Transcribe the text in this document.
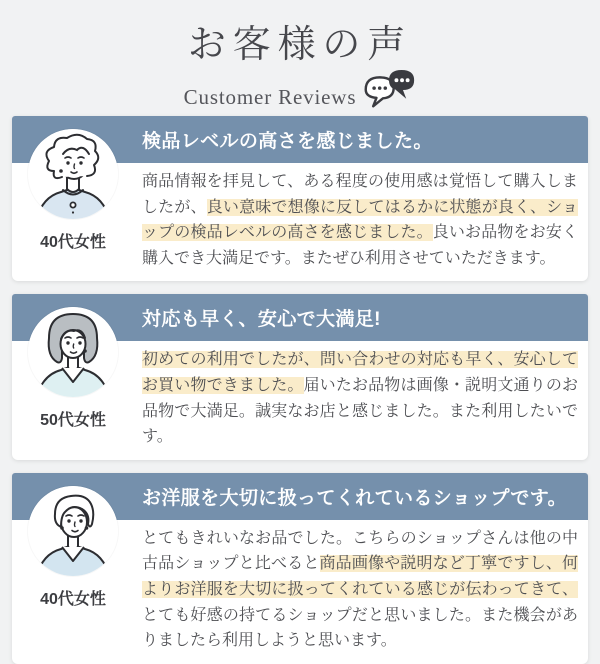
お客様の声
Customer Reviews
検品レベルの高さを感じました。
40代女性

商品情報を拝見して、ある程度の使用感は覚悟して購入しましたが、良い意味で想像に反してはるかに状態が良く、ショップの検品レベルの高さを感じました。良いお品物をお安く購入でき大満足です。またぜひ利用させていただきます。

対応も早く、安心で大満足!
50代女性

初めての利用でしたが、問い合わせの対応も早く、安心してお買い物できました。届いたお品物は画像・説明文通りのお品物で大満足。誠実なお店と感じました。また利用したいです。

お洋服を大切に扱ってくれているショップです。
40代女性

とてもきれいなお品でした。こちらのショップさんは他の中古品ショップと比べると商品画像や説明など丁寧ですし、何よりお洋服を大切に扱ってくれている感じが伝わってきて、とても好感の持てるショップだと思いました。また機会がありましたら利用しようと思います。
